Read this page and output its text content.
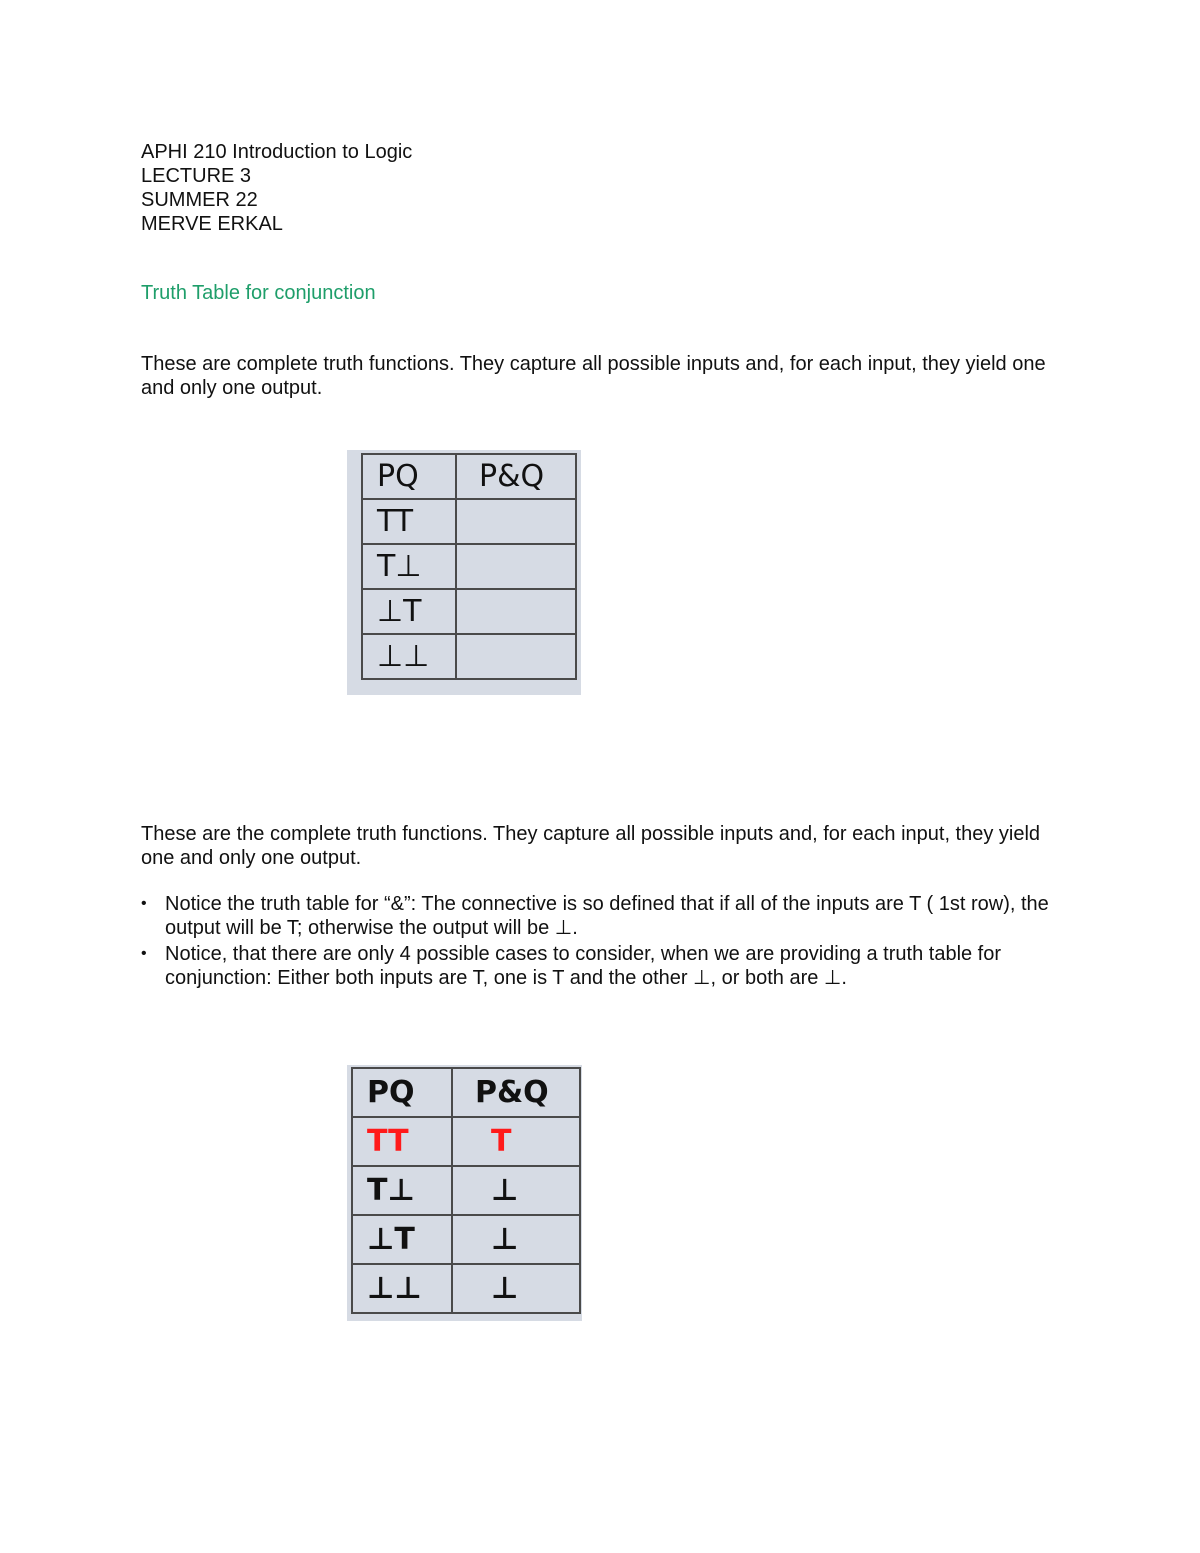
APHI 210 Introduction to Logic
LECTURE 3
SUMMER 22
MERVE ERKAL
Truth Table for conjunction
These are complete truth functions. They capture all possible inputs and, for each input, they yield one and only one output.
PQ	P&Q
TT	
T⊥	
⊥T	
⊥⊥	
These are the complete truth functions. They capture all possible inputs and, for each input, they yield one and only one output.
• Notice the truth table for “&”: The connective is so defined that if all of the inputs are T ( 1st row), the output will be T; otherwise the output will be ⊥.
• Notice, that there are only 4 possible cases to consider, when we are providing a truth table for conjunction: Either both inputs are T, one is T and the other ⊥, or both are ⊥.
PQ	P&Q
TT	T
T⊥	⊥
⊥T	⊥
⊥⊥	⊥
